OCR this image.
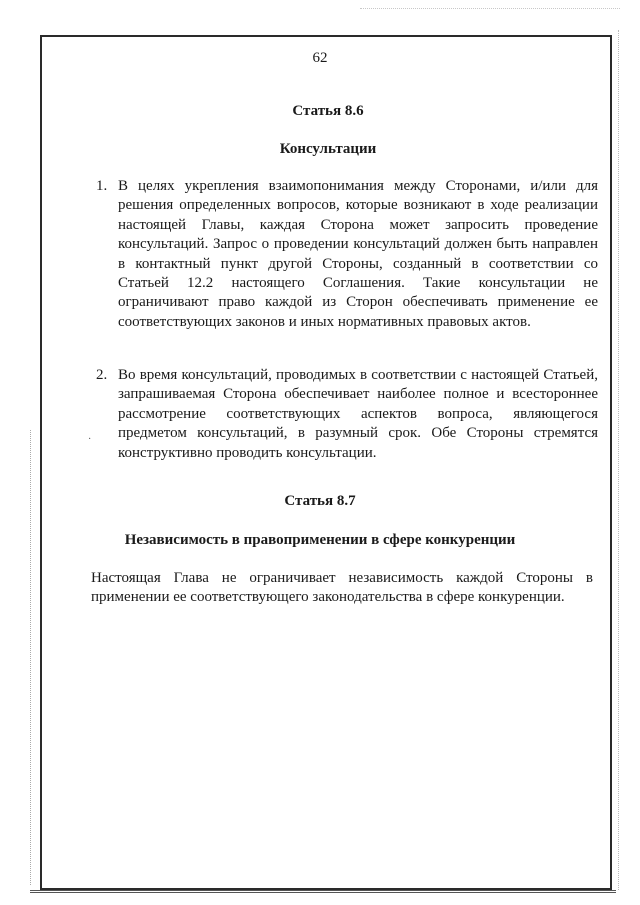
62
Статья 8.6
Консультации
1. В целях укрепления взаимопонимания между Сторонами, и/или для решения определенных вопросов, которые возникают в ходе реализации настоящей Главы, каждая Сторона может запросить проведение консультаций. Запрос о проведении консультаций должен быть направлен в контактный пункт другой Стороны, созданный в соответствии со Статьей 12.2 настоящего Соглашения. Такие консультации не ограничивают право каждой из Сторон обеспечивать применение ее соответствующих законов и иных нормативных правовых актов.
2. Во время консультаций, проводимых в соответствии с настоящей Статьей, запрашиваемая Сторона обеспечивает наиболее полное и всестороннее рассмотрение соответствующих аспектов вопроса, являющегося предметом консультаций, в разумный срок. Обе Стороны стремятся конструктивно проводить консультации.
·
Статья 8.7
Независимость в правоприменении в сфере конкуренции
Настоящая Глава не ограничивает независимость каждой Стороны в применении ее соответствующего законодательства в сфере конкуренции.
